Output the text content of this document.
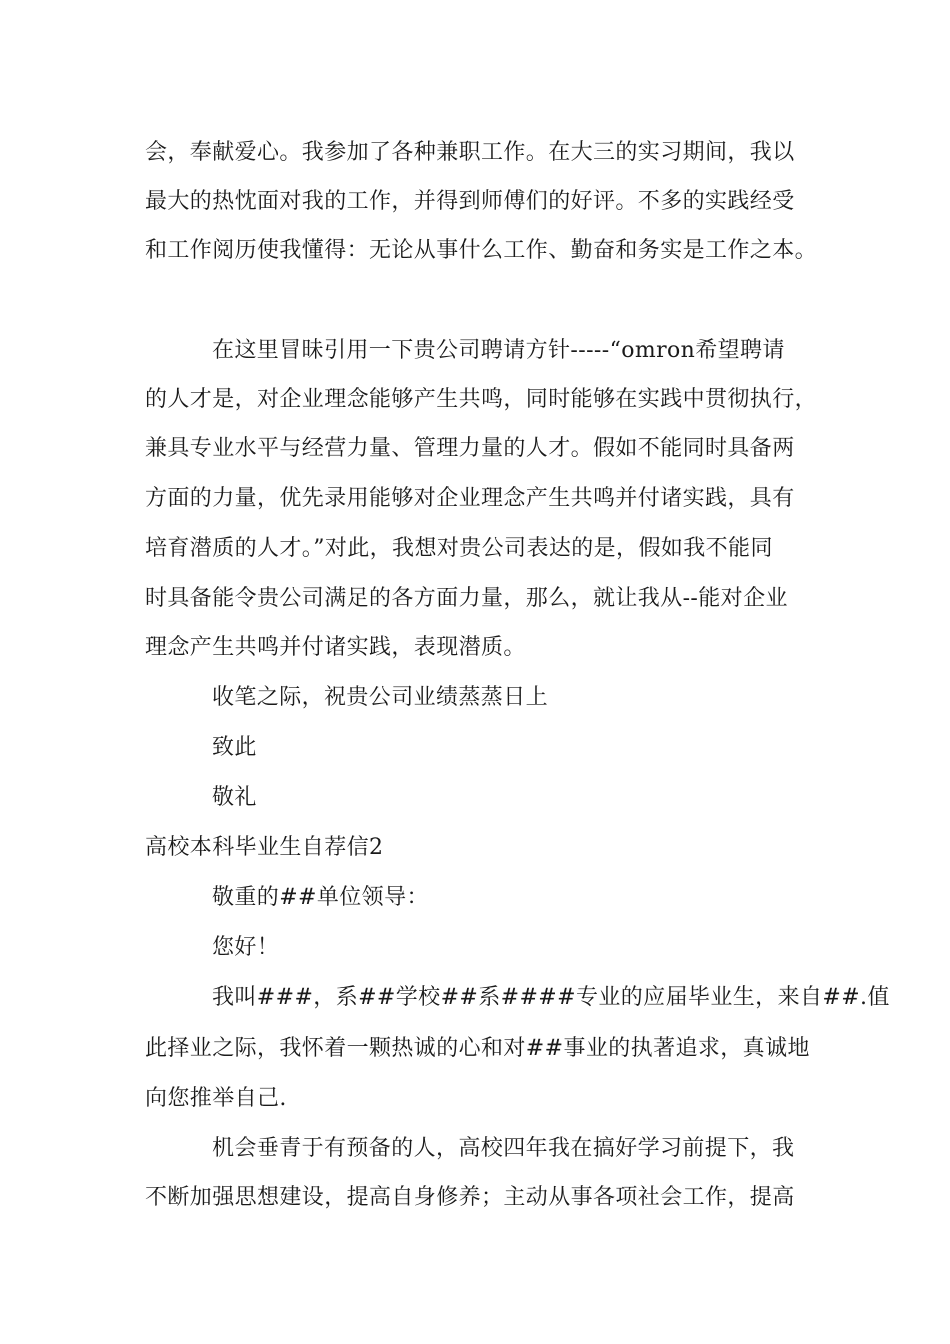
会，奉献爱心。我参加了各种兼职工作。在大三的实习期间，我以
最大的热忱面对我的工作，并得到师傅们的好评。不多的实践经受
和工作阅历使我懂得：无论从事什么工作、勤奋和务实是工作之本。
在这里冒昧引用一下贵公司聘请方针-----“omron希望聘请
的人才是，对企业理念能够产生共鸣，同时能够在实践中贯彻执行，
兼具专业水平与经营力量、管理力量的人才。假如不能同时具备两
方面的力量，优先录用能够对企业理念产生共鸣并付诸实践，具有
培育潜质的人才。”对此，我想对贵公司表达的是，假如我不能同
时具备能令贵公司满足的各方面力量，那么，就让我从--能对企业
理念产生共鸣并付诸实践，表现潜质。
收笔之际，祝贵公司业绩蒸蒸日上
致此
敬礼
高校本科毕业生自荐信2
敬重的##单位领导：
您好！
我叫###，系##学校##系####专业的应届毕业生，来自##.值
此择业之际，我怀着一颗热诚的心和对##事业的执著追求，真诚地
向您推举自己.
机会垂青于有预备的人，高校四年我在搞好学习前提下，我
不断加强思想建设，提高自身修养；主动从事各项社会工作，提高
